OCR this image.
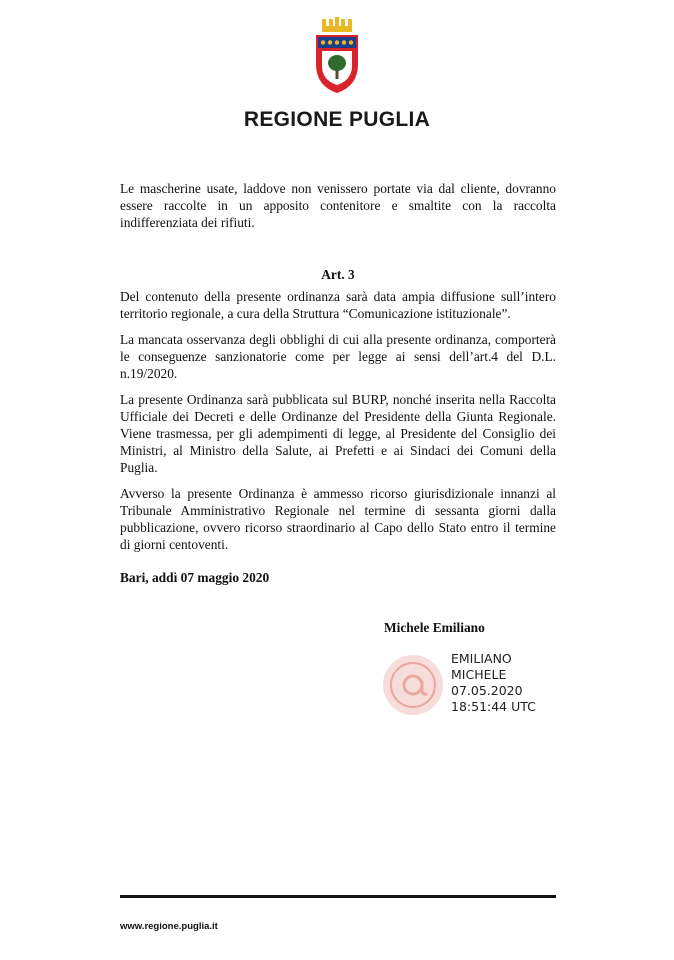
REGIONE PUGLIA

Le mascherine usate, laddove non venissero portate via dal cliente, dovranno essere raccolte in un apposito contenitore e smaltite con la raccolta indifferenziata dei rifiuti.

Art. 3

Del contenuto della presente ordinanza sarà data ampia diffusione sull’intero territorio regionale, a cura della Struttura “Comunicazione istituzionale”.

La mancata osservanza degli obblighi di cui alla presente ordinanza, comporterà le conseguenze sanzionatorie come per legge ai sensi dell’art.4 del D.L. n.19/2020.

La presente Ordinanza sarà pubblicata sul BURP, nonché inserita nella Raccolta Ufficiale dei Decreti e delle Ordinanze del Presidente della Giunta Regionale. Viene trasmessa, per gli adempimenti di legge, al Presidente del Consiglio dei Ministri, al Ministro della Salute, ai Prefetti e ai Sindaci dei Comuni della Puglia.

Avverso la presente Ordinanza è ammesso ricorso giurisdizionale innanzi al Tribunale Amministrativo Regionale nel termine di sessanta giorni dalla pubblicazione, ovvero ricorso straordinario al Capo dello Stato entro il termine di giorni centoventi.

Bari, addì 07 maggio 2020
Michele Emiliano
EMILIANO
MICHELE
07.05.2020
18:51:44 UTC
www.regione.puglia.it
